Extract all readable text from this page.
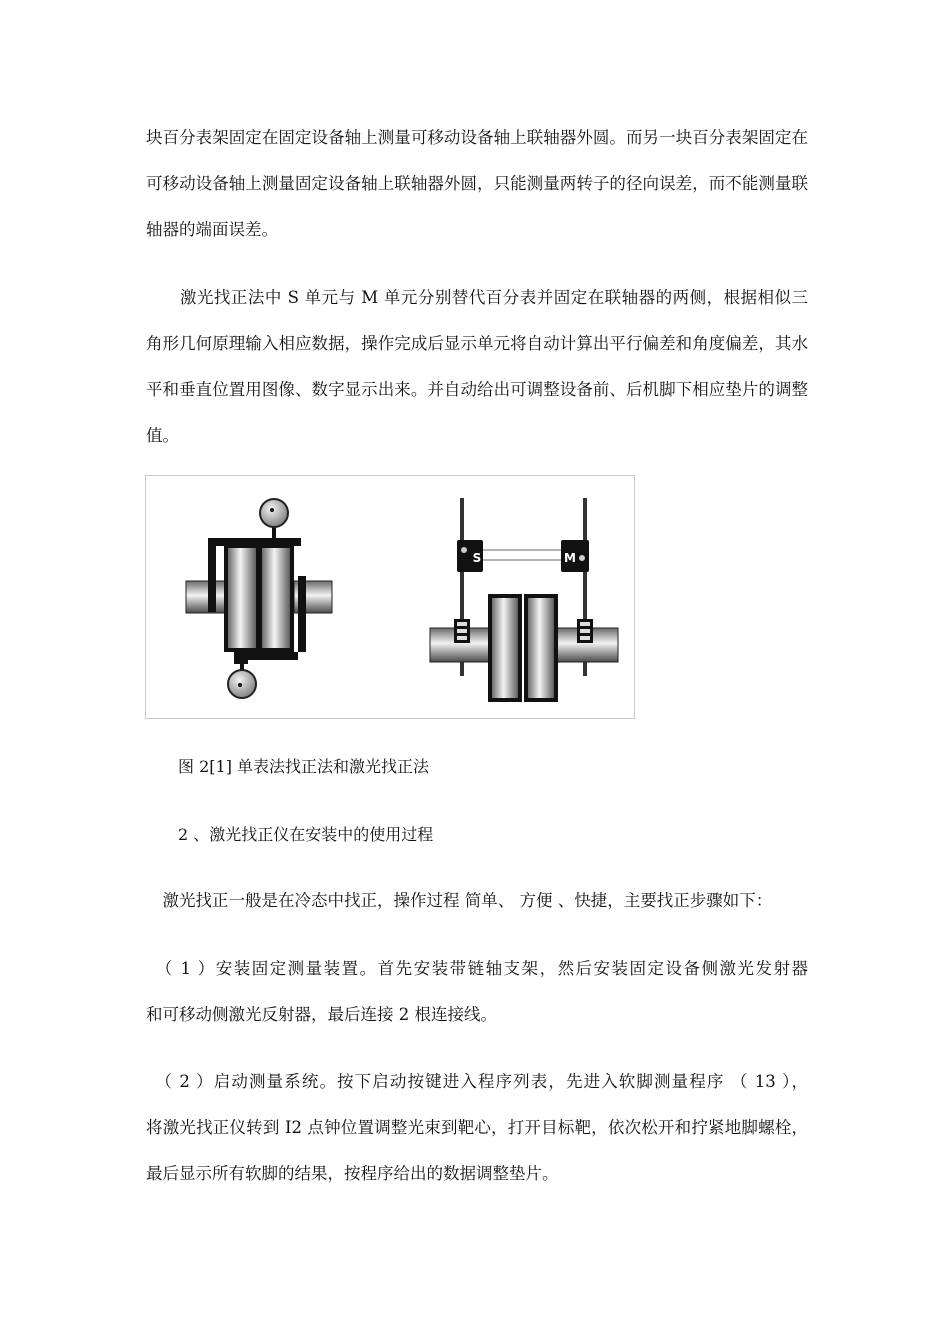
块百分表架固定在固定设备轴上测量可移动设备轴上联轴器外圆。而另一块百分表架固定在

可移动设备轴上测量固定设备轴上联轴器外圆，只能测量两转子的径向误差，而不能测量联

轴器的端面误差。

　　激光找正法中 S 单元与 M 单元分别替代百分表并固定在联轴器的两侧，根据相似三

角形几何原理输入相应数据，操作完成后显示单元将自动计算出平行偏差和角度偏差，其水

平和垂直位置用图像、数字显示出来。并自动给出可调整设备前、后机脚下相应垫片的调整

值。

S	M

图 2[1] 单表法找正法和激光找正法

2 、激光找正仪在安装中的使用过程

　激光找正一般是在冷态中找正，操作过程 简单、 方便 、快捷，主要找正步骤如下：

　（ 1 ）安装固定测量装置。首先安装带链轴支架，然后安装固定设备侧激光发射器

和可移动侧激光反射器，最后连接 2 根连接线。

　（ 2 ）启动测量系统。按下启动按键进入程序列表，先进入软脚测量程序 （ 13 ），

将激光找正仪转到 I2 点钟位置调整光束到靶心，打开目标靶，依次松开和拧紧地脚螺栓，

最后显示所有软脚的结果，按程序给出的数据调整垫片。
